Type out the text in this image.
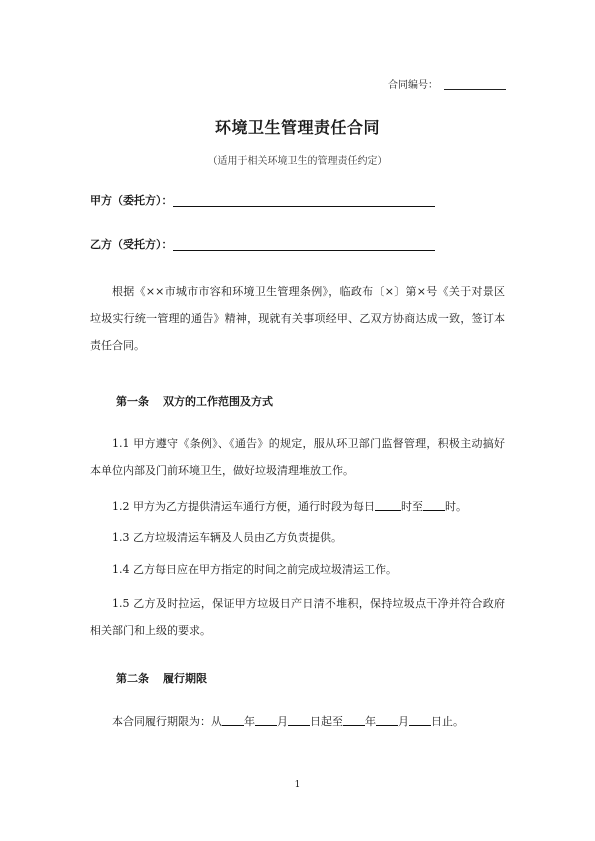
合同编号：
环境卫生管理责任合同
（适用于相关环境卫生的管理责任约定）
甲方（委托方）：
乙方（受托方）：
根据《××市城市市容和环境卫生管理条例》，临政布〔×〕第×号《关于对景区垃圾实行统一管理的通告》精神，现就有关事项经甲、乙双方协商达成一致，签订本责任合同。
第一条 双方的工作范围及方式
1.1 甲方遵守《条例》、《通告》的规定，服从环卫部门监督管理，积极主动搞好本单位内部及门前环境卫生，做好垃圾清理堆放工作。
1.2 甲方为乙方提供清运车通行方便，通行时段为每日 时至 时。
1.3 乙方垃圾清运车辆及人员由乙方负责提供。
1.4 乙方每日应在甲方指定的时间之前完成垃圾清运工作。
1.5 乙方及时拉运，保证甲方垃圾日产日清不堆积，保持垃圾点干净并符合政府相关部门和上级的要求。
第二条 履行期限
本合同履行期限为：从 年 月 日起至 年 月 日止。
1
